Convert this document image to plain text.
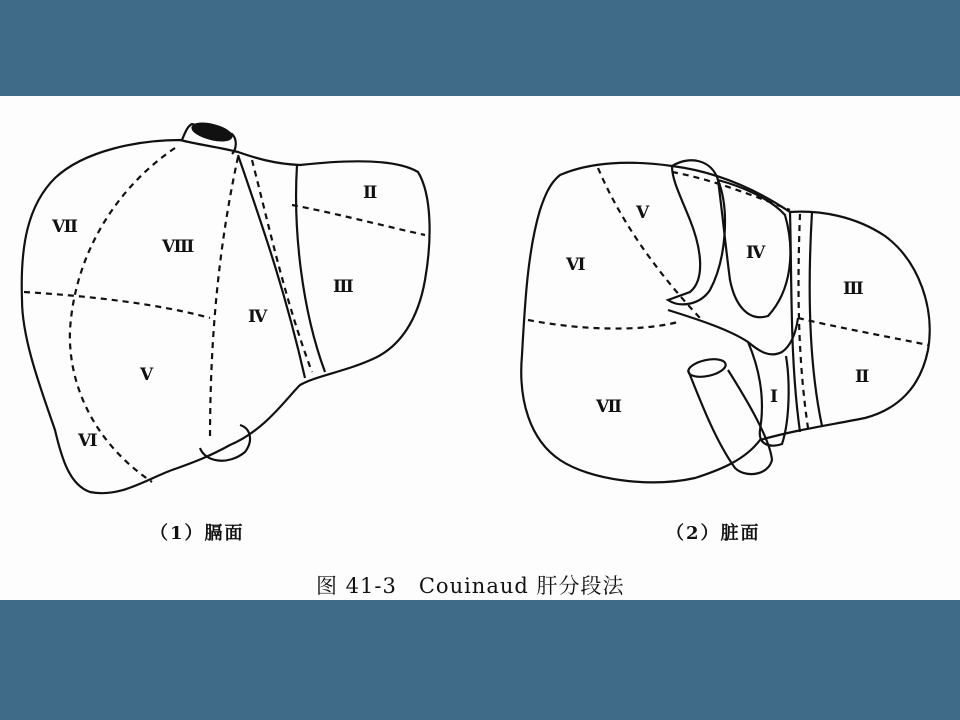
Ⅶ
Ⅷ
Ⅱ
Ⅲ
Ⅳ
Ⅴ
Ⅵ
Ⅴ
Ⅵ
Ⅳ
Ⅲ
Ⅱ
Ⅶ	Ⅰ
（1）膈面	（2）脏面
图 41-3　Couinaud 肝分段法
